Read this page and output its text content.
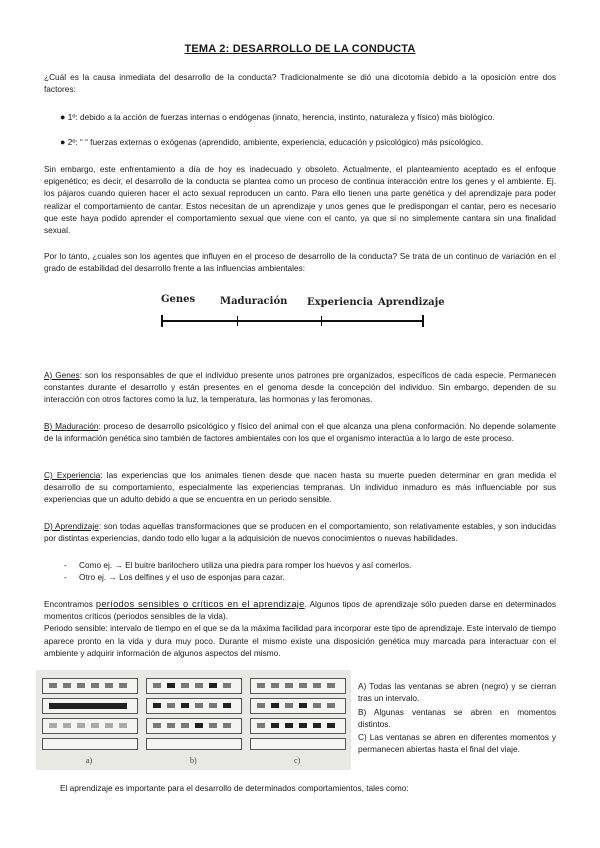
TEMA 2: DESARROLLO DE LA CONDUCTA
¿Cuál es la causa inmediata del desarrollo de la conducta? Tradicionalmente se dió una dicotomía debido a la oposición entre dos factores:
● 1º: debido a la acción de fuerzas internas o endógenas (innato, herencia, instinto, naturaleza y físico) más biológico.
● 2º: “ “ fuerzas externas o exógenas (aprendido, ambiente, experiencia, educación y psicológico) más psicológico.
Sin embargo, este enfrentamiento a día de hoy es inadecuado y obsoleto. Actualmente, el planteamiento aceptado es el enfoque epigenético; es decir, el desarrollo de la conducta se plantea como un proceso de continua interacción entre los genes y el ambiente. Ej. los pájaros cuando quieren hacer el acto sexual reproducen un canto. Para ello tienen una parte genética y del aprendizaje para poder realizar el comportamiento de cantar. Estos necesitan de un aprendizaje y unos genes que le predispongan el cantar, pero es necesario que este haya podido aprender el comportamiento sexual que viene con el canto, ya que si no simplemente cantara sin una finalidad sexual.
Por lo tanto, ¿cuales son los agentes que influyen en el proceso de desarrollo de la conducta? Se trata de un continuo de variación en el grado de estabilidad del desarrollo frente a las influencias ambientales:
Genes Maduración Experiencia Aprendizaje
A) Genes: son los responsables de que el individuo presente unos patrones pre organizados, específicos de cada especie. Permanecen constantes durante el desarrollo y están presentes en el genoma desde la concepción del individuo. Sin embargo, dependen de su interacción con otros factores como la luz, la temperatura, las hormonas y las feromonas.
B) Maduración: proceso de desarrollo psicológico y físico del animal con el que alcanza una plena conformación. No depende solamente de la información genética sino también de factores ambientales con los que el organismo interactúa a lo largo de este proceso.
C) Experiencia: las experiencias que los animales tienen desde que nacen hasta su muerte pueden determinar en gran medida el desarrollo de su comportamiento, especialmente las experiencias tempranas. Un individuo inmaduro es más influenciable por sus experiencias que un adulto debido a que se encuentra en un periodo sensible.
D) Aprendizaje: son todas aquellas transformaciones que se producen en el comportamiento, son relativamente estables, y son inducidas por distintas experiencias, dando todo ello lugar a la adquisición de nuevos conocimientos o nuevas habilidades.
- Como ej. → El buitre barilochero utiliza una piedra para romper los huevos y así comerlos.
- Otro ej. → Los delfines y el uso de esponjas para cazar.
Encontramos períodos sensibles o críticos en el aprendizaje. Algunos tipos de aprendizaje sólo pueden darse en determinados momentos críticos (periodos sensibles de la vida).
Periodo sensible: intervalo de tiempo en el que se da la máxima facilidad para incorporar este tipo de aprendizaje. Este intervalo de tiempo aparece pronto en la vida y dura muy poco. Durante el mismo existe una disposición genética muy marcada para interactuar con el ambiente y adquirir información de algunos aspectos del mismo.
a)	b)	c)
A) Todas las ventanas se abren (negro) y se cierran tras un intervalo.
B) Algunas ventanas se abren en momentos distintos.
C) Las ventanas se abren en diferentes momentos y permanecen abiertas hasta el final del viaje.
El aprendizaje es importante para el desarrollo de determinados comportamientos, tales como:
